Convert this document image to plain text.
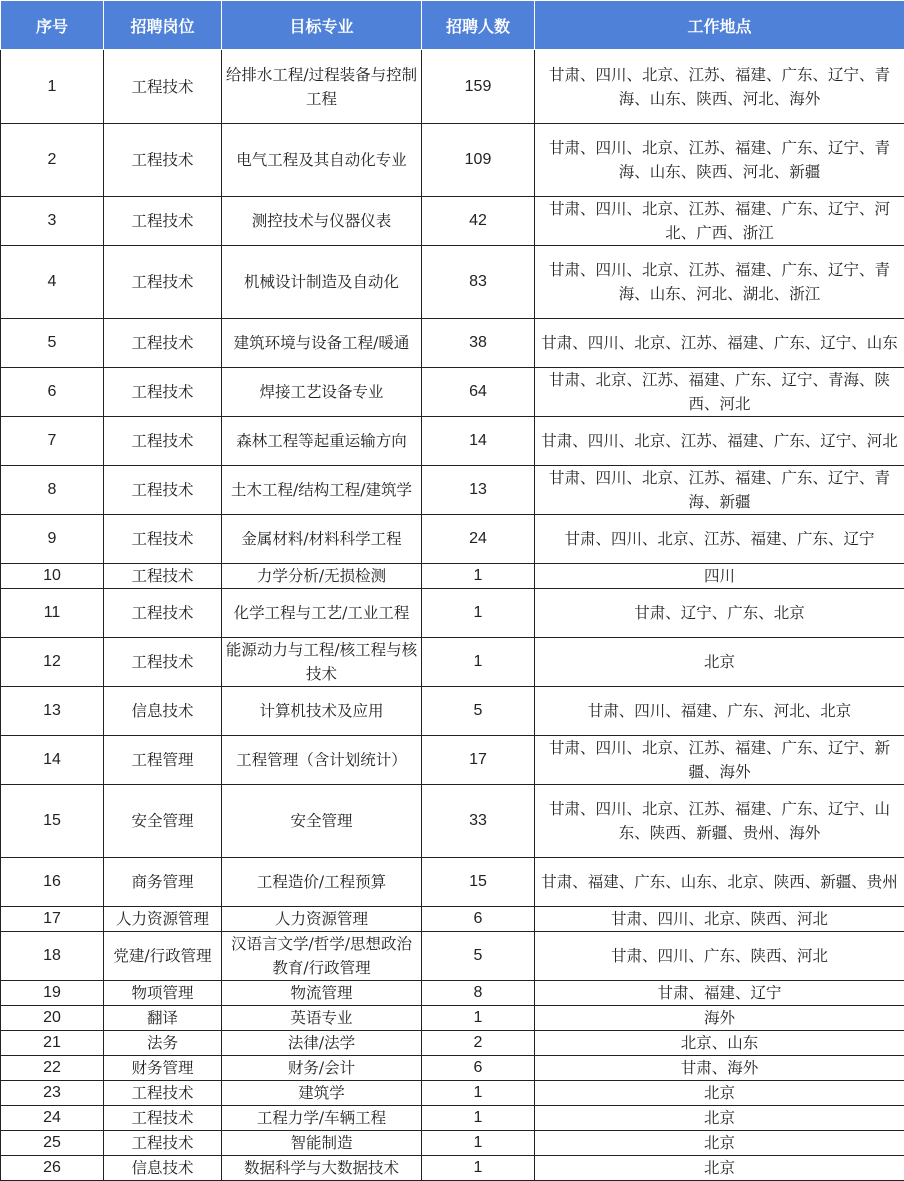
序号	招聘岗位	目标专业	招聘人数	工作地点
1	工程技术	给排水工程/过程装备与控制工程	159	甘肃、四川、北京、江苏、福建、广东、辽宁、青海、山东、陕西、河北、海外
2	工程技术	电气工程及其自动化专业	109	甘肃、四川、北京、江苏、福建、广东、辽宁、青海、山东、陕西、河北、新疆
3	工程技术	测控技术与仪器仪表	42	甘肃、四川、北京、江苏、福建、广东、辽宁、河北、广西、浙江
4	工程技术	机械设计制造及自动化	83	甘肃、四川、北京、江苏、福建、广东、辽宁、青海、山东、河北、湖北、浙江
5	工程技术	建筑环境与设备工程/暖通	38	甘肃、四川、北京、江苏、福建、广东、辽宁、山东
6	工程技术	焊接工艺设备专业	64	甘肃、北京、江苏、福建、广东、辽宁、青海、陕西、河北
7	工程技术	森林工程等起重运输方向	14	甘肃、四川、北京、江苏、福建、广东、辽宁、河北
8	工程技术	土木工程/结构工程/建筑学	13	甘肃、四川、北京、江苏、福建、广东、辽宁、青海、新疆
9	工程技术	金属材料/材料科学工程	24	甘肃、四川、北京、江苏、福建、广东、辽宁
10	工程技术	力学分析/无损检测	1	四川
11	工程技术	化学工程与工艺/工业工程	1	甘肃、辽宁、广东、北京
12	工程技术	能源动力与工程/核工程与核技术	1	北京
13	信息技术	计算机技术及应用	5	甘肃、四川、福建、广东、河北、北京
14	工程管理	工程管理（含计划统计）	17	甘肃、四川、北京、江苏、福建、广东、辽宁、新疆、海外
15	安全管理	安全管理	33	甘肃、四川、北京、江苏、福建、广东、辽宁、山东、陕西、新疆、贵州、海外
16	商务管理	工程造价/工程预算	15	甘肃、福建、广东、山东、北京、陕西、新疆、贵州
17	人力资源管理	人力资源管理	6	甘肃、四川、北京、陕西、河北
18	党建/行政管理	汉语言文学/哲学/思想政治教育/行政管理	5	甘肃、四川、广东、陕西、河北
19	物项管理	物流管理	8	甘肃、福建、辽宁
20	翻译	英语专业	1	海外
21	法务	法律/法学	2	北京、山东
22	财务管理	财务/会计	6	甘肃、海外
23	工程技术	建筑学	1	北京
24	工程技术	工程力学/车辆工程	1	北京
25	工程技术	智能制造	1	北京
26	信息技术	数据科学与大数据技术	1	北京
